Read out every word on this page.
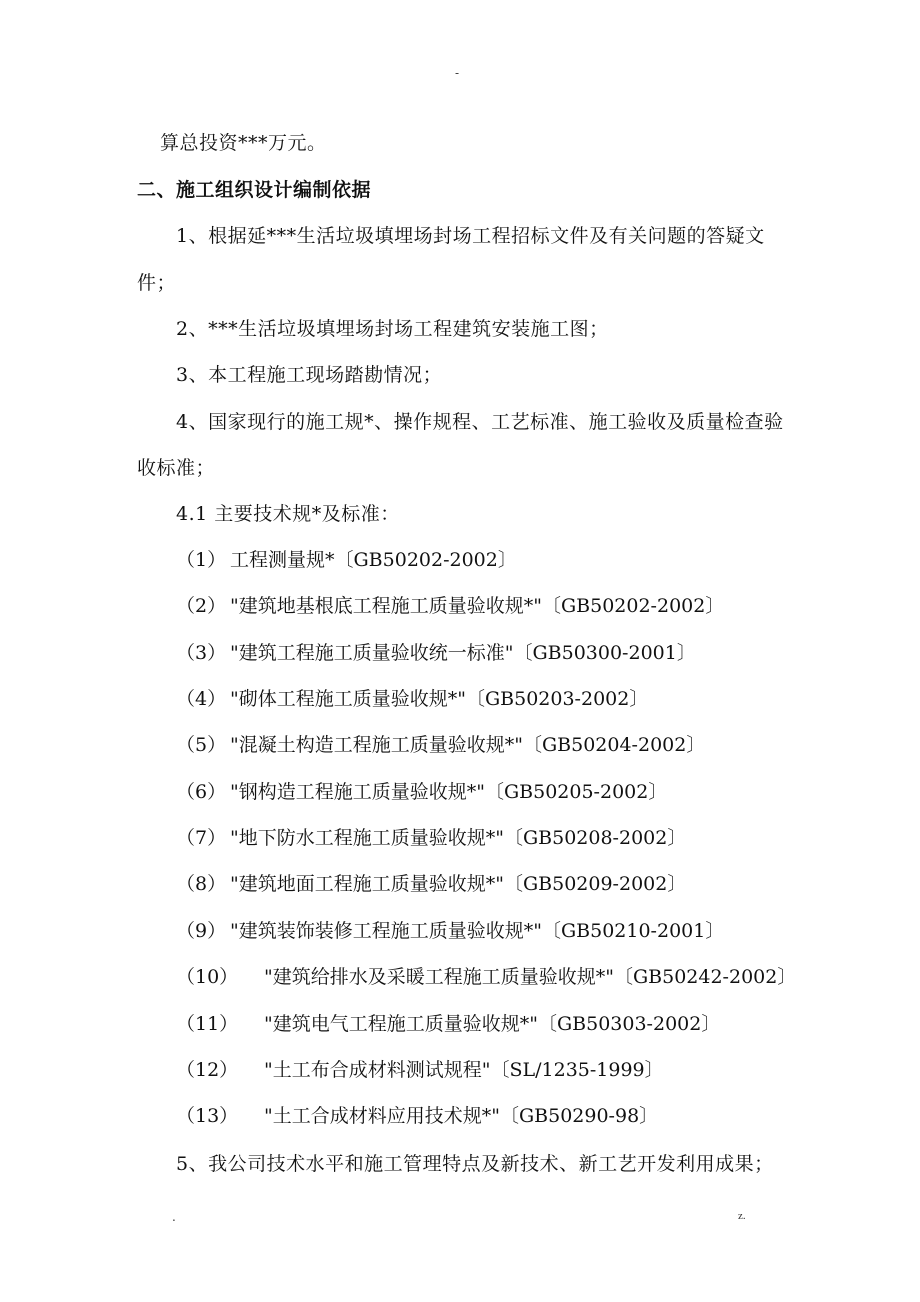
-
算总投资***万元。
二、施工组织设计编制依据
1、根据延***生活垃圾填埋场封场工程招标文件及有关问题的答疑文
件；
2、***生活垃圾填埋场封场工程建筑安装施工图；
3、本工程施工现场踏勘情况；
4、国家现行的施工规*、操作规程、工艺标准、施工验收及质量检查验
收标准；
4.1 主要技术规*及标准：
（1） 工程测量规*〔GB50202-2002〕
（2） "建筑地基根底工程施工质量验收规*"〔GB50202-2002〕
（3） "建筑工程施工质量验收统一标准"〔GB50300-2001〕
（4） "砌体工程施工质量验收规*"〔GB50203-2002〕
（5） "混凝土构造工程施工质量验收规*"〔GB50204-2002〕
（6） "钢构造工程施工质量验收规*"〔GB50205-2002〕
（7） "地下防水工程施工质量验收规*"〔GB50208-2002〕
（8） "建筑地面工程施工质量验收规*"〔GB50209-2002〕
（9） "建筑装饰装修工程施工质量验收规*"〔GB50210-2001〕
（10） "建筑给排水及采暖工程施工质量验收规*"〔GB50242-2002〕
（11） "建筑电气工程施工质量验收规*"〔GB50303-2002〕
（12） "土工布合成材料测试规程"〔SL/1235-1999〕
（13） "土工合成材料应用技术规*"〔GB50290-98〕
5、我公司技术水平和施工管理特点及新技术、新工艺开发利用成果；
.	z.
